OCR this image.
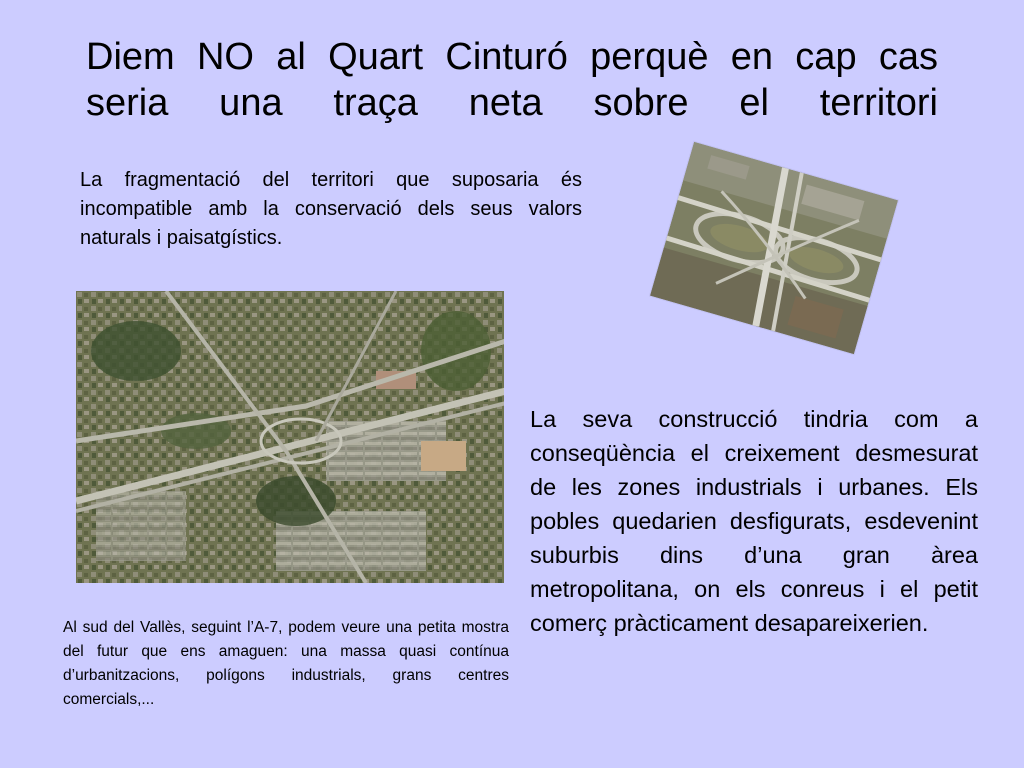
Diem NO al Quart Cinturó perquè en cap cas
seria una traça neta sobre el territori

La fragmentació del territori que suposaria és incompatible amb la conservació dels seus valors naturals i paisatgístics.

La seva construcció tindria com a conseqüència el creixement desmesurat de les zones industrials i urbanes. Els pobles quedarien desfigurats, esdevenint suburbis dins d’una gran àrea metropolitana, on els conreus i el petit comerç pràcticament desapareixerien.

Al sud del Vallès, seguint l’A-7, podem veure una petita mostra del futur que ens amaguen: una massa quasi contínua d’urbanitzacions, polígons industrials, grans centres comercials,...
